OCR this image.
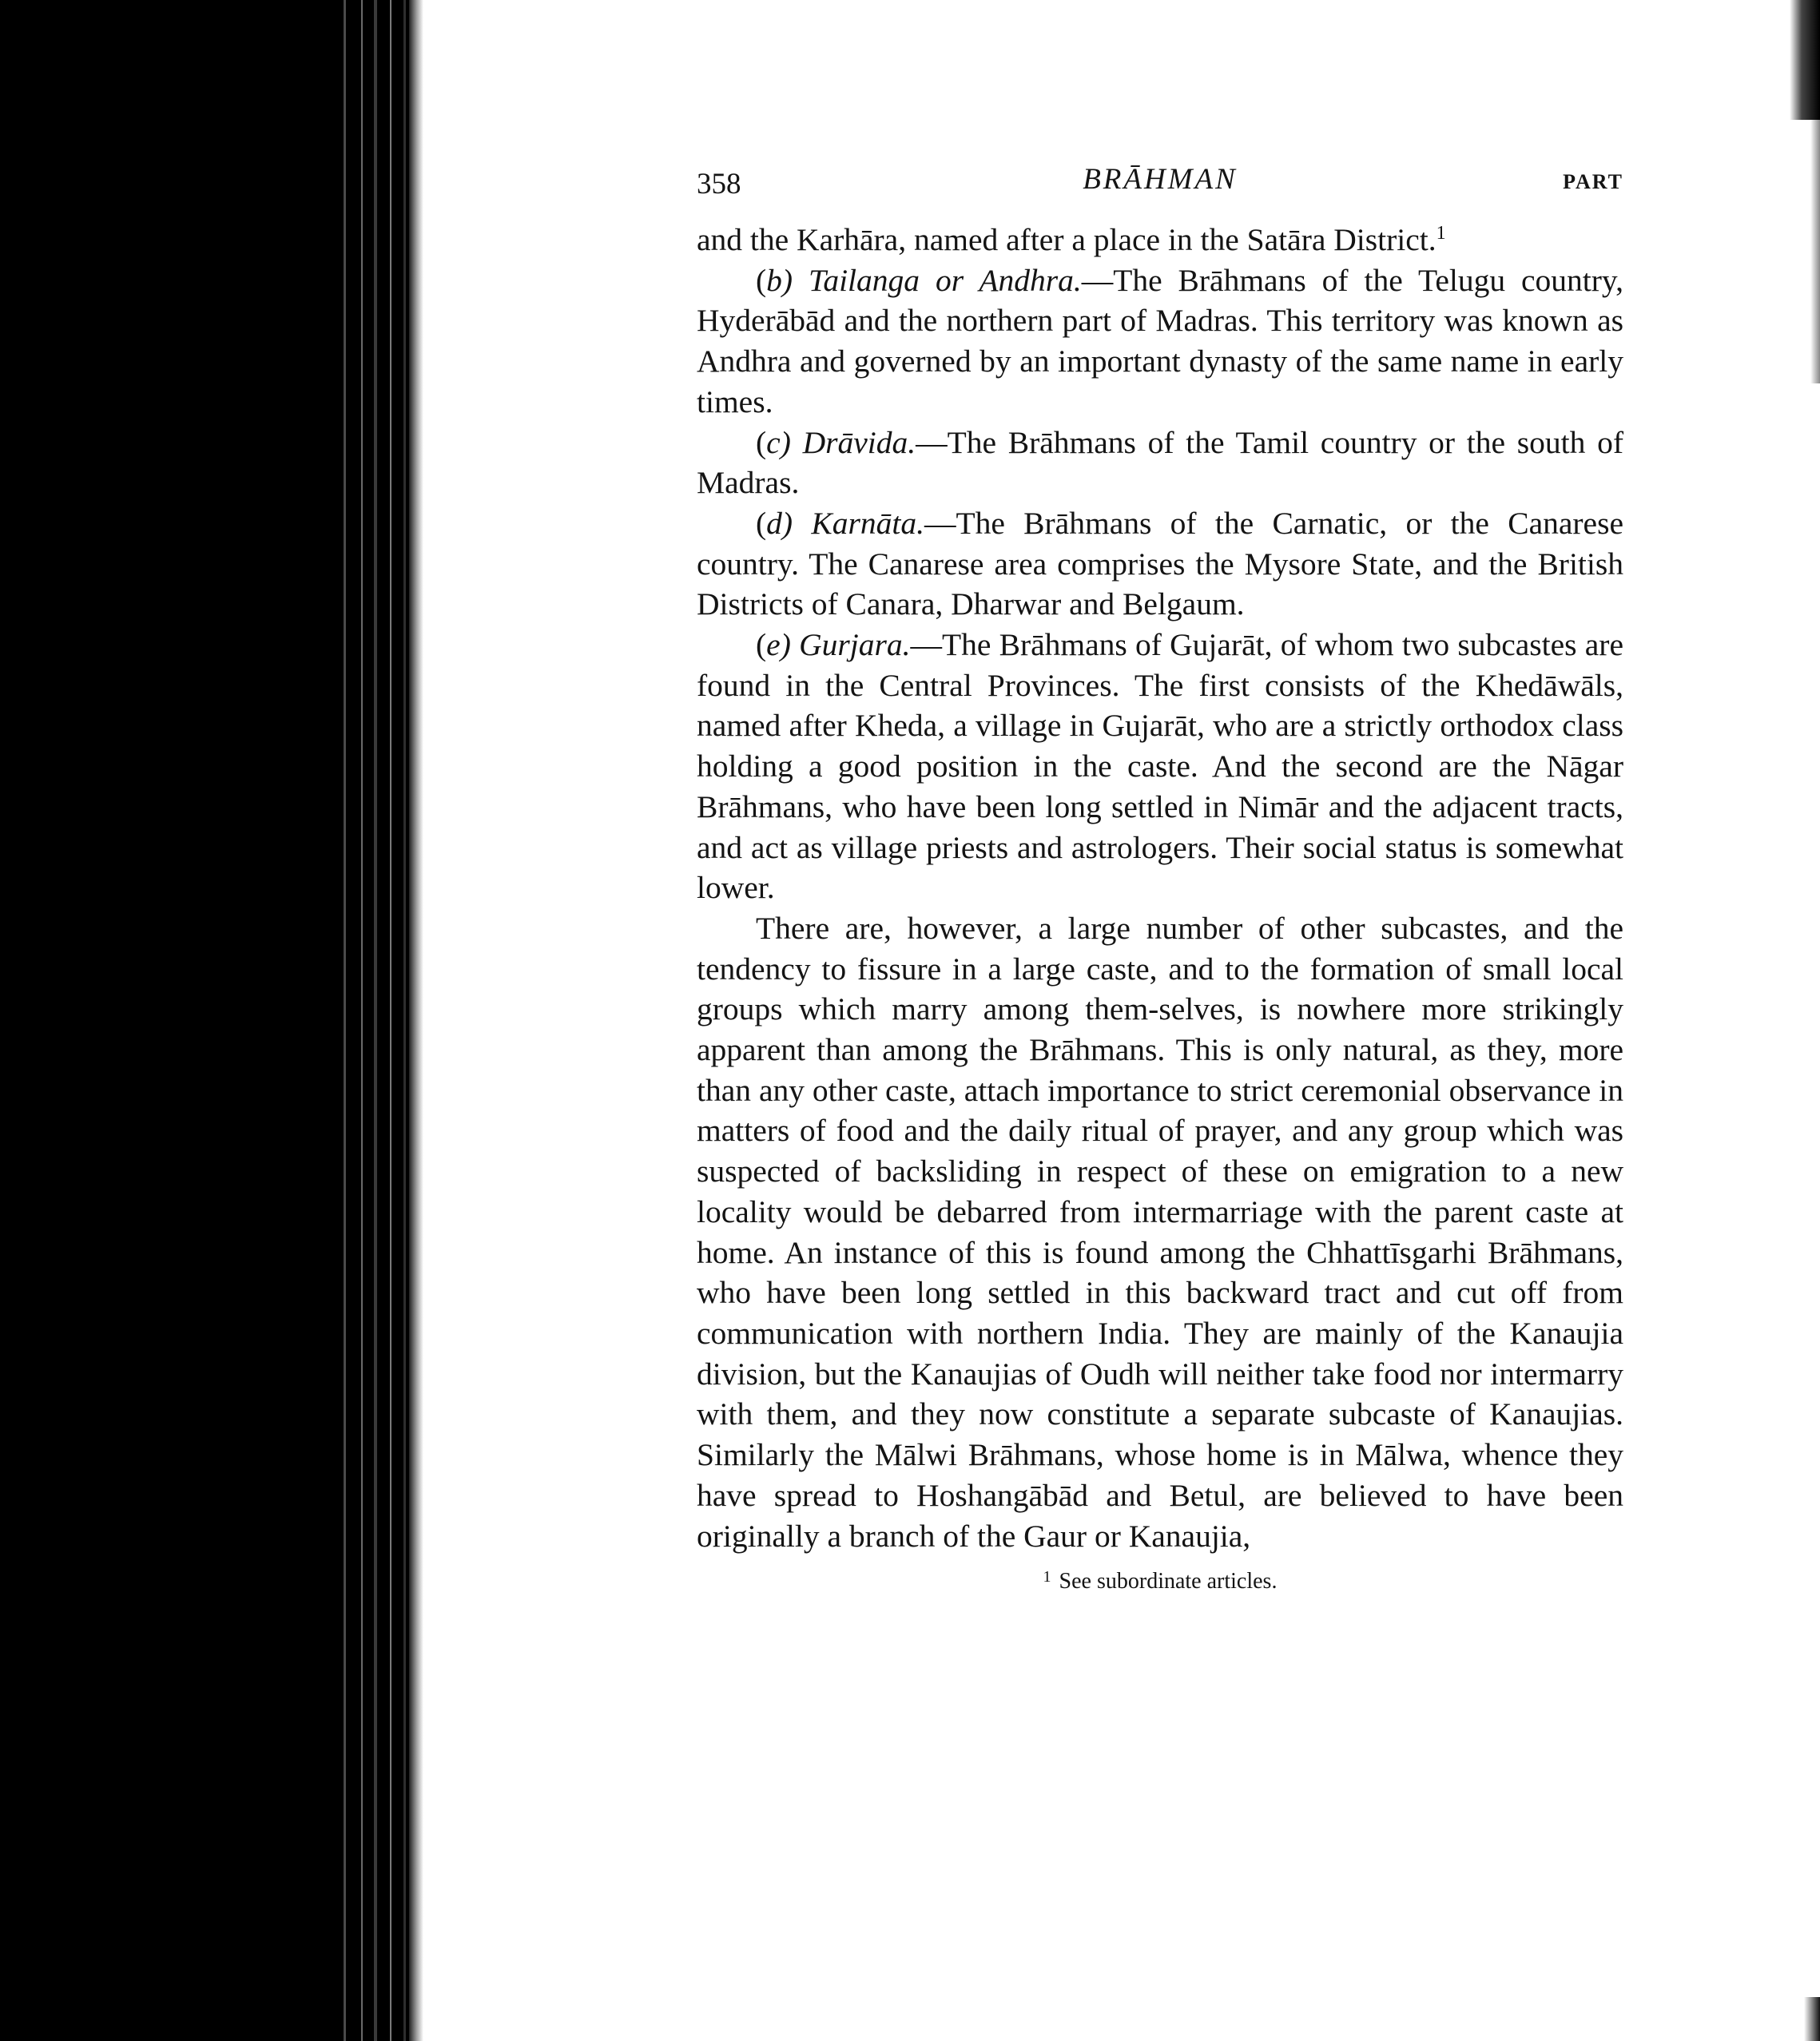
358	BRĀHMAN	PART

and the Karhāra, named after a place in the Satāra District.$^1$

(b) Tailanga or Andhra.—The Brāhmans of the Telugu country, Hyderābād and the northern part of Madras. This territory was known as Andhra and governed by an important dynasty of the same name in early times.

(c) Drāvida.—The Brāhmans of the Tamil country or the south of Madras.

(d) Karnāta.—The Brāhmans of the Carnatic, or the Canarese country. The Canarese area comprises the Mysore State, and the British Districts of Canara, Dharwar and Belgaum.

(e) Gurjara.—The Brāhmans of Gujarāt, of whom two subcastes are found in the Central Provinces. The first consists of the Khedāwāls, named after Kheda, a village in Gujarāt, who are a strictly orthodox class holding a good position in the caste. And the second are the Nāgar Brāhmans, who have been long settled in Nimār and the adjacent tracts, and act as village priests and astrologers. Their social status is somewhat lower.

There are, however, a large number of other subcastes, and the tendency to fissure in a large caste, and to the formation of small local groups which marry among them-selves, is nowhere more strikingly apparent than among the Brāhmans. This is only natural, as they, more than any other caste, attach importance to strict ceremonial observance in matters of food and the daily ritual of prayer, and any group which was suspected of backsliding in respect of these on emigration to a new locality would be debarred from intermarriage with the parent caste at home. An instance of this is found among the Chhattīsgarhi Brāhmans, who have been long settled in this backward tract and cut off from communication with northern India. They are mainly of the Kanaujia division, but the Kanaujias of Oudh will neither take food nor intermarry with them, and they now constitute a separate subcaste of Kanaujias. Similarly the Mālwi Brāhmans, whose home is in Mālwa, whence they have spread to Hoshangābād and Betul, are believed to have been originally a branch of the Gaur or Kanaujia,

$^1$ See subordinate articles.
